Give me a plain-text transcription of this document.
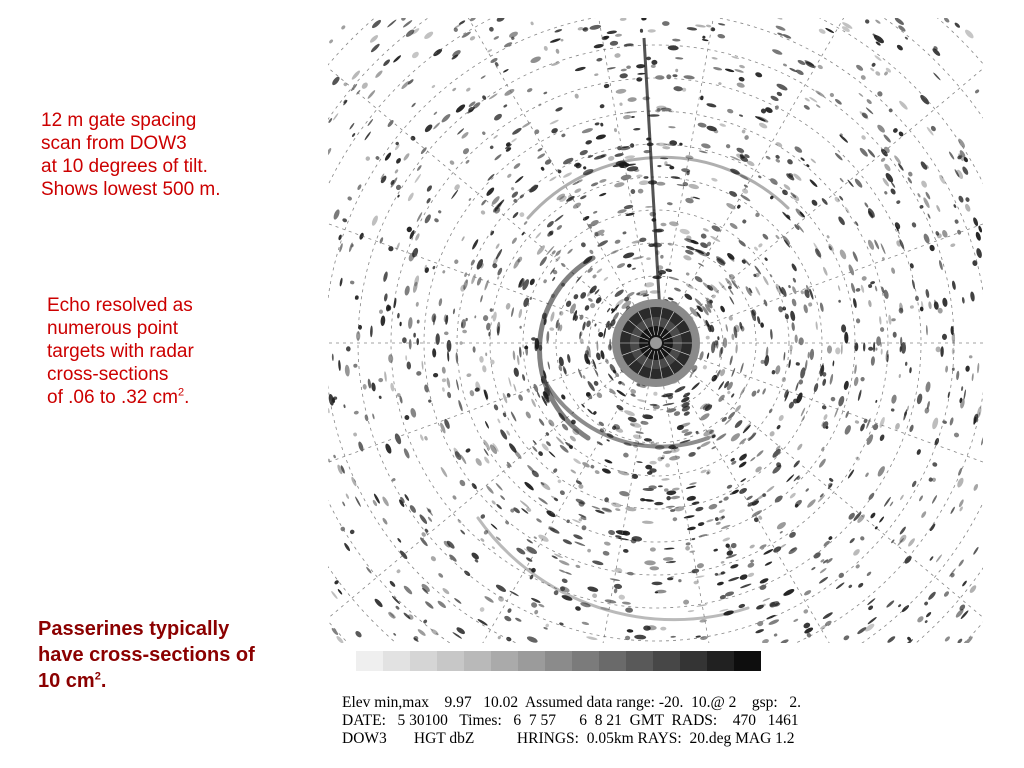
12 m gate spacing
scan from DOW3
at 10 degrees of tilt.
Shows lowest 500 m.
Echo resolved as
numerous point
targets with radar
cross-sections
of .06 to .32 $cm^2$.
Passerines typically
have cross-sections of
10 $cm^2$.
Elev min,max    9.97   10.02  Assumed data range: -20.  10.@ 2    gsp:   2.
DATE:   5 30100   Times:   6  7 57      6  8 21  GMT  RADS:    470   1461
DOW3       HGT dbZ           HRINGS:  0.05km RAYS:  20.deg MAG 1.2
